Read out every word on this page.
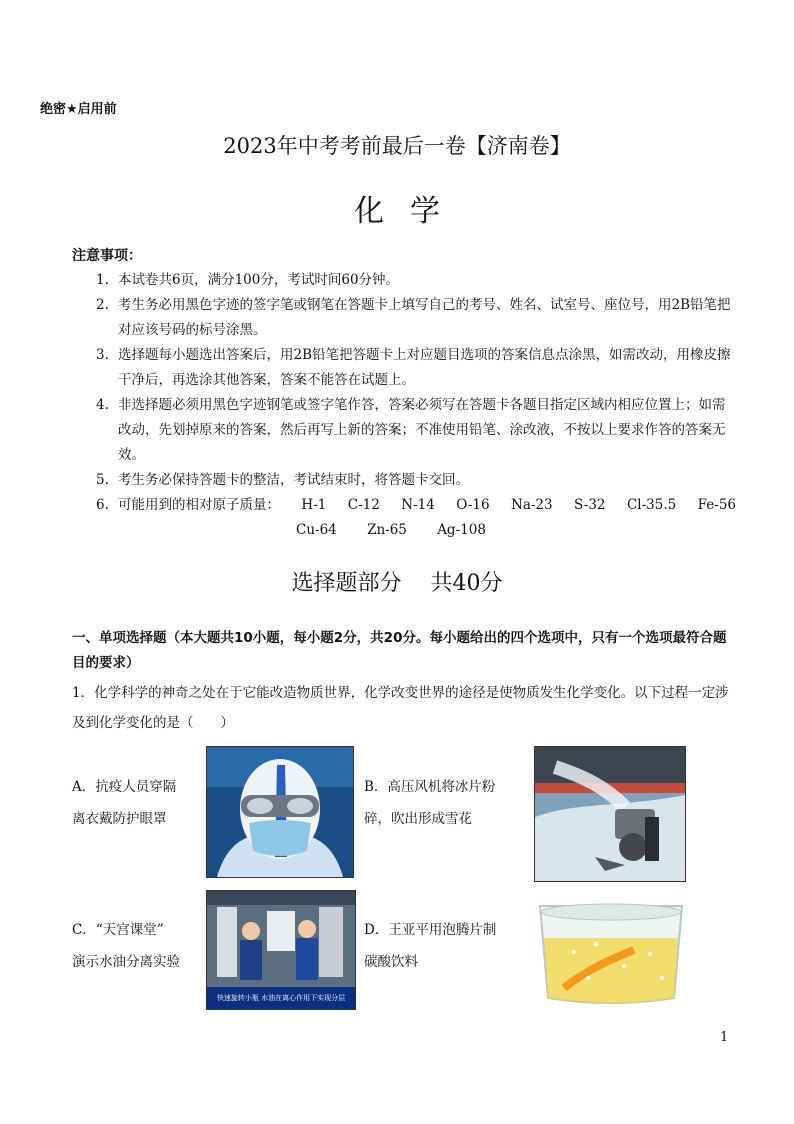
绝密★启用前
2023年中考考前最后一卷【济南卷】
化学
注意事项：
1. 本试卷共6页，满分100分，考试时间60分钟。
2. 考生务必用黑色字迹的签字笔或钢笔在答题卡上填写自己的考号、姓名、试室号、座位号，用2B铅笔把对应该号码的标号涂黑。
3. 选择题每小题选出答案后，用2B铅笔把答题卡上对应题目选项的答案信息点涂黑，如需改动，用橡皮擦干净后，再选涂其他答案，答案不能答在试题上。
4. 非选择题必须用黑色字迹钢笔或签字笔作答，答案必须写在答题卡各题目指定区域内相应位置上；如需改动，先划掉原来的答案，然后再写上新的答案；不准使用铅笔、涂改液，不按以上要求作答的答案无效。
5. 考生务必保持答题卡的整洁，考试结束时，将答题卡交回。
6. 可能用到的相对原子质量： H-1 C-12 N-14 O-16 Na-23 S-32 Cl-35.5 Fe-56
Cu-64 Zn-65 Ag-108
选择题部分　 共40分
一、单项选择题（本大题共10小题，每小题2分，共20分。每小题给出的四个选项中，只有一个选项最符合题目的要求）
1．化学科学的神奇之处在于它能改造物质世界，化学改变世界的途径是使物质发生化学变化。以下过程一定涉及到化学变化的是（　　）
A．抗疫人员穿隔
离衣戴防护眼罩
B．高压风机将冰片粉
碎，吹出形成雪花
C．“天宫课堂”
演示水油分离实验
快速旋转小瓶 水油在离心作用下实现分层
D．王亚平用泡腾片制
碳酸饮料
1
